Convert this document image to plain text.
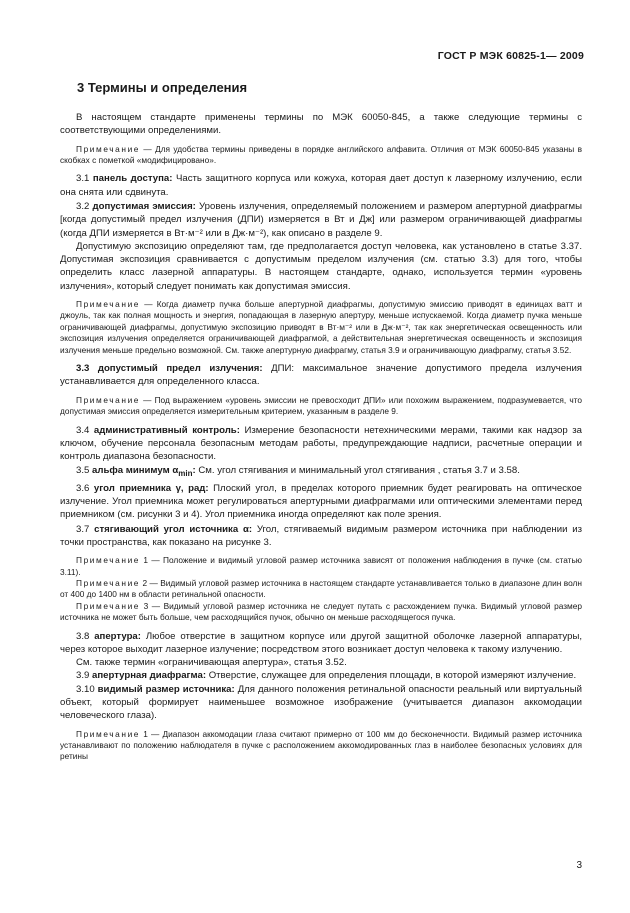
ГОСТ Р МЭК 60825-1— 2009
3 Термины и определения

В настоящем стандарте применены термины по МЭК 60050-845, а также следующие термины с соответствующими определениями.

Примечание — Для удобства термины приведены в порядке английского алфавита. Отличия от МЭК 60050-845 указаны в скобках с пометкой «модифицировано».

3.1 панель доступа: Часть защитного корпуса или кожуха, которая дает доступ к лазерному излучению, если она снята или сдвинута.

3.2 допустимая эмиссия: Уровень излучения, определяемый положением и размером апертурной диафрагмы [когда допустимый предел излучения (ДПИ) измеряется в Вт и Дж] или размером ограничивающей диафрагмы (когда ДПИ измеряется в Вт·м⁻² или в Дж·м⁻²), как описано в разделе 9.

Допустимую экспозицию определяют там, где предполагается доступ человека, как установлено в статье 3.37. Допустимая экспозиция сравнивается с допустимым пределом излучения (см. статью 3.3) для того, чтобы определить класс лазерной аппаратуры. В настоящем стандарте, однако, используется термин «уровень излучения», который следует понимать как допустимая эмиссия.

Примечание — Когда диаметр пучка больше апертурной диафрагмы, допустимую эмиссию приводят в единицах ватт и джоуль, так как полная мощность и энергия, попадающая в лазерную апертуру, меньше испускаемой. Когда диаметр пучка меньше ограничивающей диафрагмы, допустимую экспозицию приводят в Вт·м⁻² или в Дж·м⁻², так как энергетическая освещенность или экспозиция излучения определяется ограничивающей диафрагмой, а действительная энергетическая освещенность и экспозиция излучения меньше предельно возможной. См. также апертурную диафрагму, статья 3.9 и ограничивающую диафрагму, статья 3.52.

3.3 допустимый предел излучения: ДПИ: максимальное значение допустимого предела излучения устанавливается для определенного класса.

Примечание — Под выражением «уровень эмиссии не превосходит ДПИ» или похожим выражением, подразумевается, что допустимая эмиссия определяется измерительным критерием, указанным в разделе 9.

3.4 административный контроль: Измерение безопасности нетехническими мерами, такими как надзор за ключом, обучение персонала безопасным методам работы, предупреждающие надписи, расчетные операции и контроль диапазона безопасности.

3.5 альфа минимум $\alpha_{min}$: См. угол стягивания и минимальный угол стягивания , статья 3.7 и 3.58.

3.6 угол приемника γ, рад: Плоский угол, в пределах которого приемник будет реагировать на оптическое излучение. Угол приемника может регулироваться апертурными диафрагмами или оптическими элементами перед приемником (см. рисунки 3 и 4). Угол приемника иногда определяют как поле зрения.

3.7 стягивающий угол источника α: Угол, стягиваемый видимым размером источника при наблюдении из точки пространства, как показано на рисунке 3.

Примечание 1 — Положение и видимый угловой размер источника зависят от положения наблюдения в пучке (см. статью 3.11).

Примечание 2 — Видимый угловой размер источника в настоящем стандарте устанавливается только в диапазоне длин волн от 400 до 1400 нм в области ретинальной опасности.

Примечание 3 — Видимый угловой размер источника не следует путать с расхождением пучка. Видимый угловой размер источника не может быть больше, чем расходящийся пучок, обычно он меньше расходящегося пучка.

3.8 апертура: Любое отверстие в защитном корпусе или другой защитной оболочке лазерной аппаратуры, через которое выходит лазерное излучение; посредством этого возникает доступ человека к такому излучению.

См. также термин «ограничивающая апертура», статья 3.52.

3.9 апертурная диафрагма: Отверстие, служащее для определения площади, в которой измеряют излучение.

3.10 видимый размер источника: Для данного положения ретинальной опасности реальный или виртуальный объект, который формирует наименьшее возможное изображение (учитывается диапазон аккомодации человеческого глаза).

Примечание 1 — Диапазон аккомодации глаза считают примерно от 100 мм до бесконечности. Видимый размер источника устанавливают по положению наблюдателя в пучке с расположением аккомодированных глаз в наиболее безопасных условиях для ретины

3
